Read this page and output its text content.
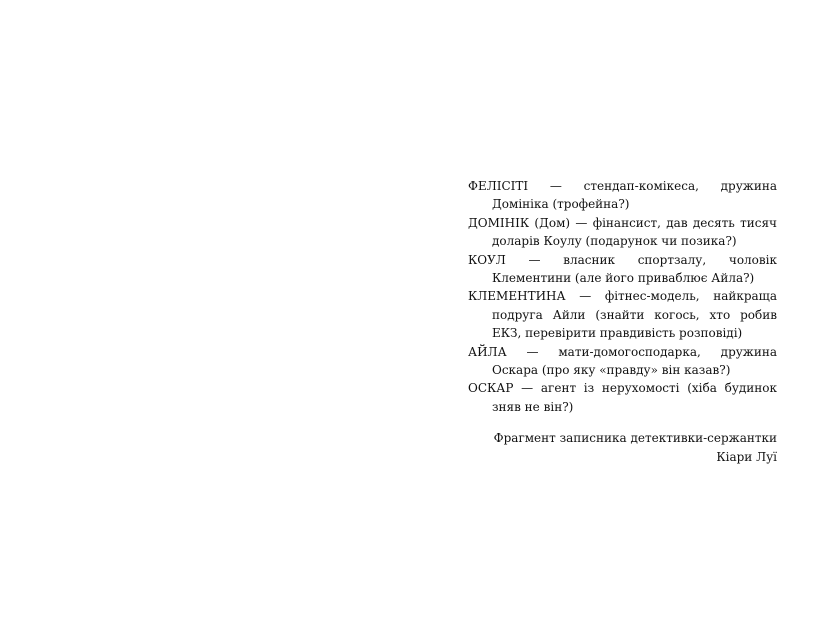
ФЕЛІСІТІ — стендап-комікеса, дружина Домініка (трофейна?)

ДОМІНІК (Дом) — фінансист, дав десять тисяч доларів Коулу (подарунок чи позика?)

КОУЛ — власник спортзалу, чоловік Клементини (але його приваблює Айла?)

КЛЕМЕНТИНА — фітнес-модель, найкраща подруга Айли (знайти когось, хто робив ЕКЗ, перевірити правдивість розповіді)

АЙЛА — мати-домогосподарка, дружина Оскара (про яку «правду» він казав?)

ОСКАР — агент із нерухомості (хіба будинок зняв не він?)

Фрагмент записника детективки-сержантки Кіари Луї
